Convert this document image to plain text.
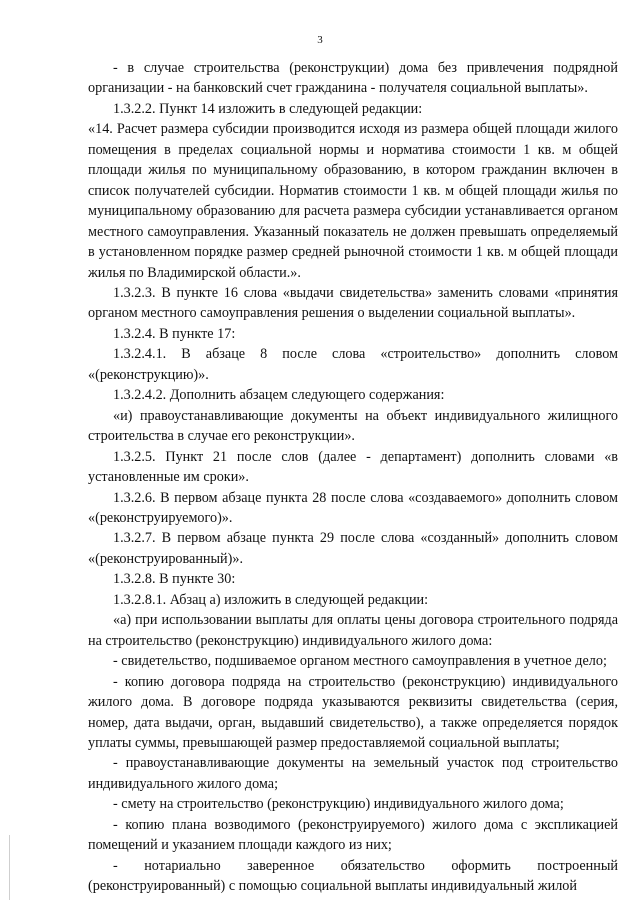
3

- в случае строительства (реконструкции) дома без привлечения подрядной организации - на банковский счет гражданина - получателя социальной выплаты».

1.3.2.2. Пункт 14 изложить в следующей редакции:

«14. Расчет размера субсидии производится исходя из размера общей площади жилого помещения в пределах социальной нормы и норматива стоимости 1 кв. м общей площади жилья по муниципальному образованию, в котором гражданин включен в список получателей субсидии. Норматив стоимости 1 кв. м общей площади жилья по муниципальному образованию для расчета размера субсидии устанавливается органом местного самоуправления. Указанный показатель не должен превышать определяемый в установленном порядке размер средней рыночной стоимости 1 кв. м общей площади жилья по Владимирской области.».

1.3.2.3. В пункте 16 слова «выдачи свидетельства» заменить словами «принятия органом местного самоуправления решения о выделении социальной выплаты».

1.3.2.4. В пункте 17:

1.3.2.4.1. В абзаце 8 после слова «строительство» дополнить словом «(реконструкцию)».

1.3.2.4.2. Дополнить абзацем следующего содержания:

«и) правоустанавливающие документы на объект индивидуального жилищного строительства в случае его реконструкции».

1.3.2.5. Пункт 21 после слов (далее - департамент) дополнить словами «в установленные им сроки».

1.3.2.6. В первом абзаце пункта 28 после слова «создаваемого» дополнить словом «(реконструируемого)».

1.3.2.7. В первом абзаце пункта 29 после слова «созданный» дополнить словом «(реконструированный)».

1.3.2.8. В пункте 30:

1.3.2.8.1. Абзац а) изложить в следующей редакции:

«а) при использовании выплаты для оплаты цены договора строительного подряда на строительство (реконструкцию) индивидуального жилого дома:

- свидетельство, подшиваемое органом местного самоуправления в учетное дело;

- копию договора подряда на строительство (реконструкцию) индивидуального жилого дома. В договоре подряда указываются реквизиты свидетельства (серия, номер, дата выдачи, орган, выдавший свидетельство), а также определяется порядок уплаты суммы, превышающей размер предоставляемой социальной выплаты;

- правоустанавливающие документы на земельный участок под строительство индивидуального жилого дома;

- смету на строительство (реконструкцию) индивидуального жилого дома;

- копию плана возводимого (реконструируемого) жилого дома с экспликацией помещений и указанием площади каждого из них;

- нотариально заверенное обязательство оформить построенный (реконструированный) с помощью социальной выплаты индивидуальный жилой
